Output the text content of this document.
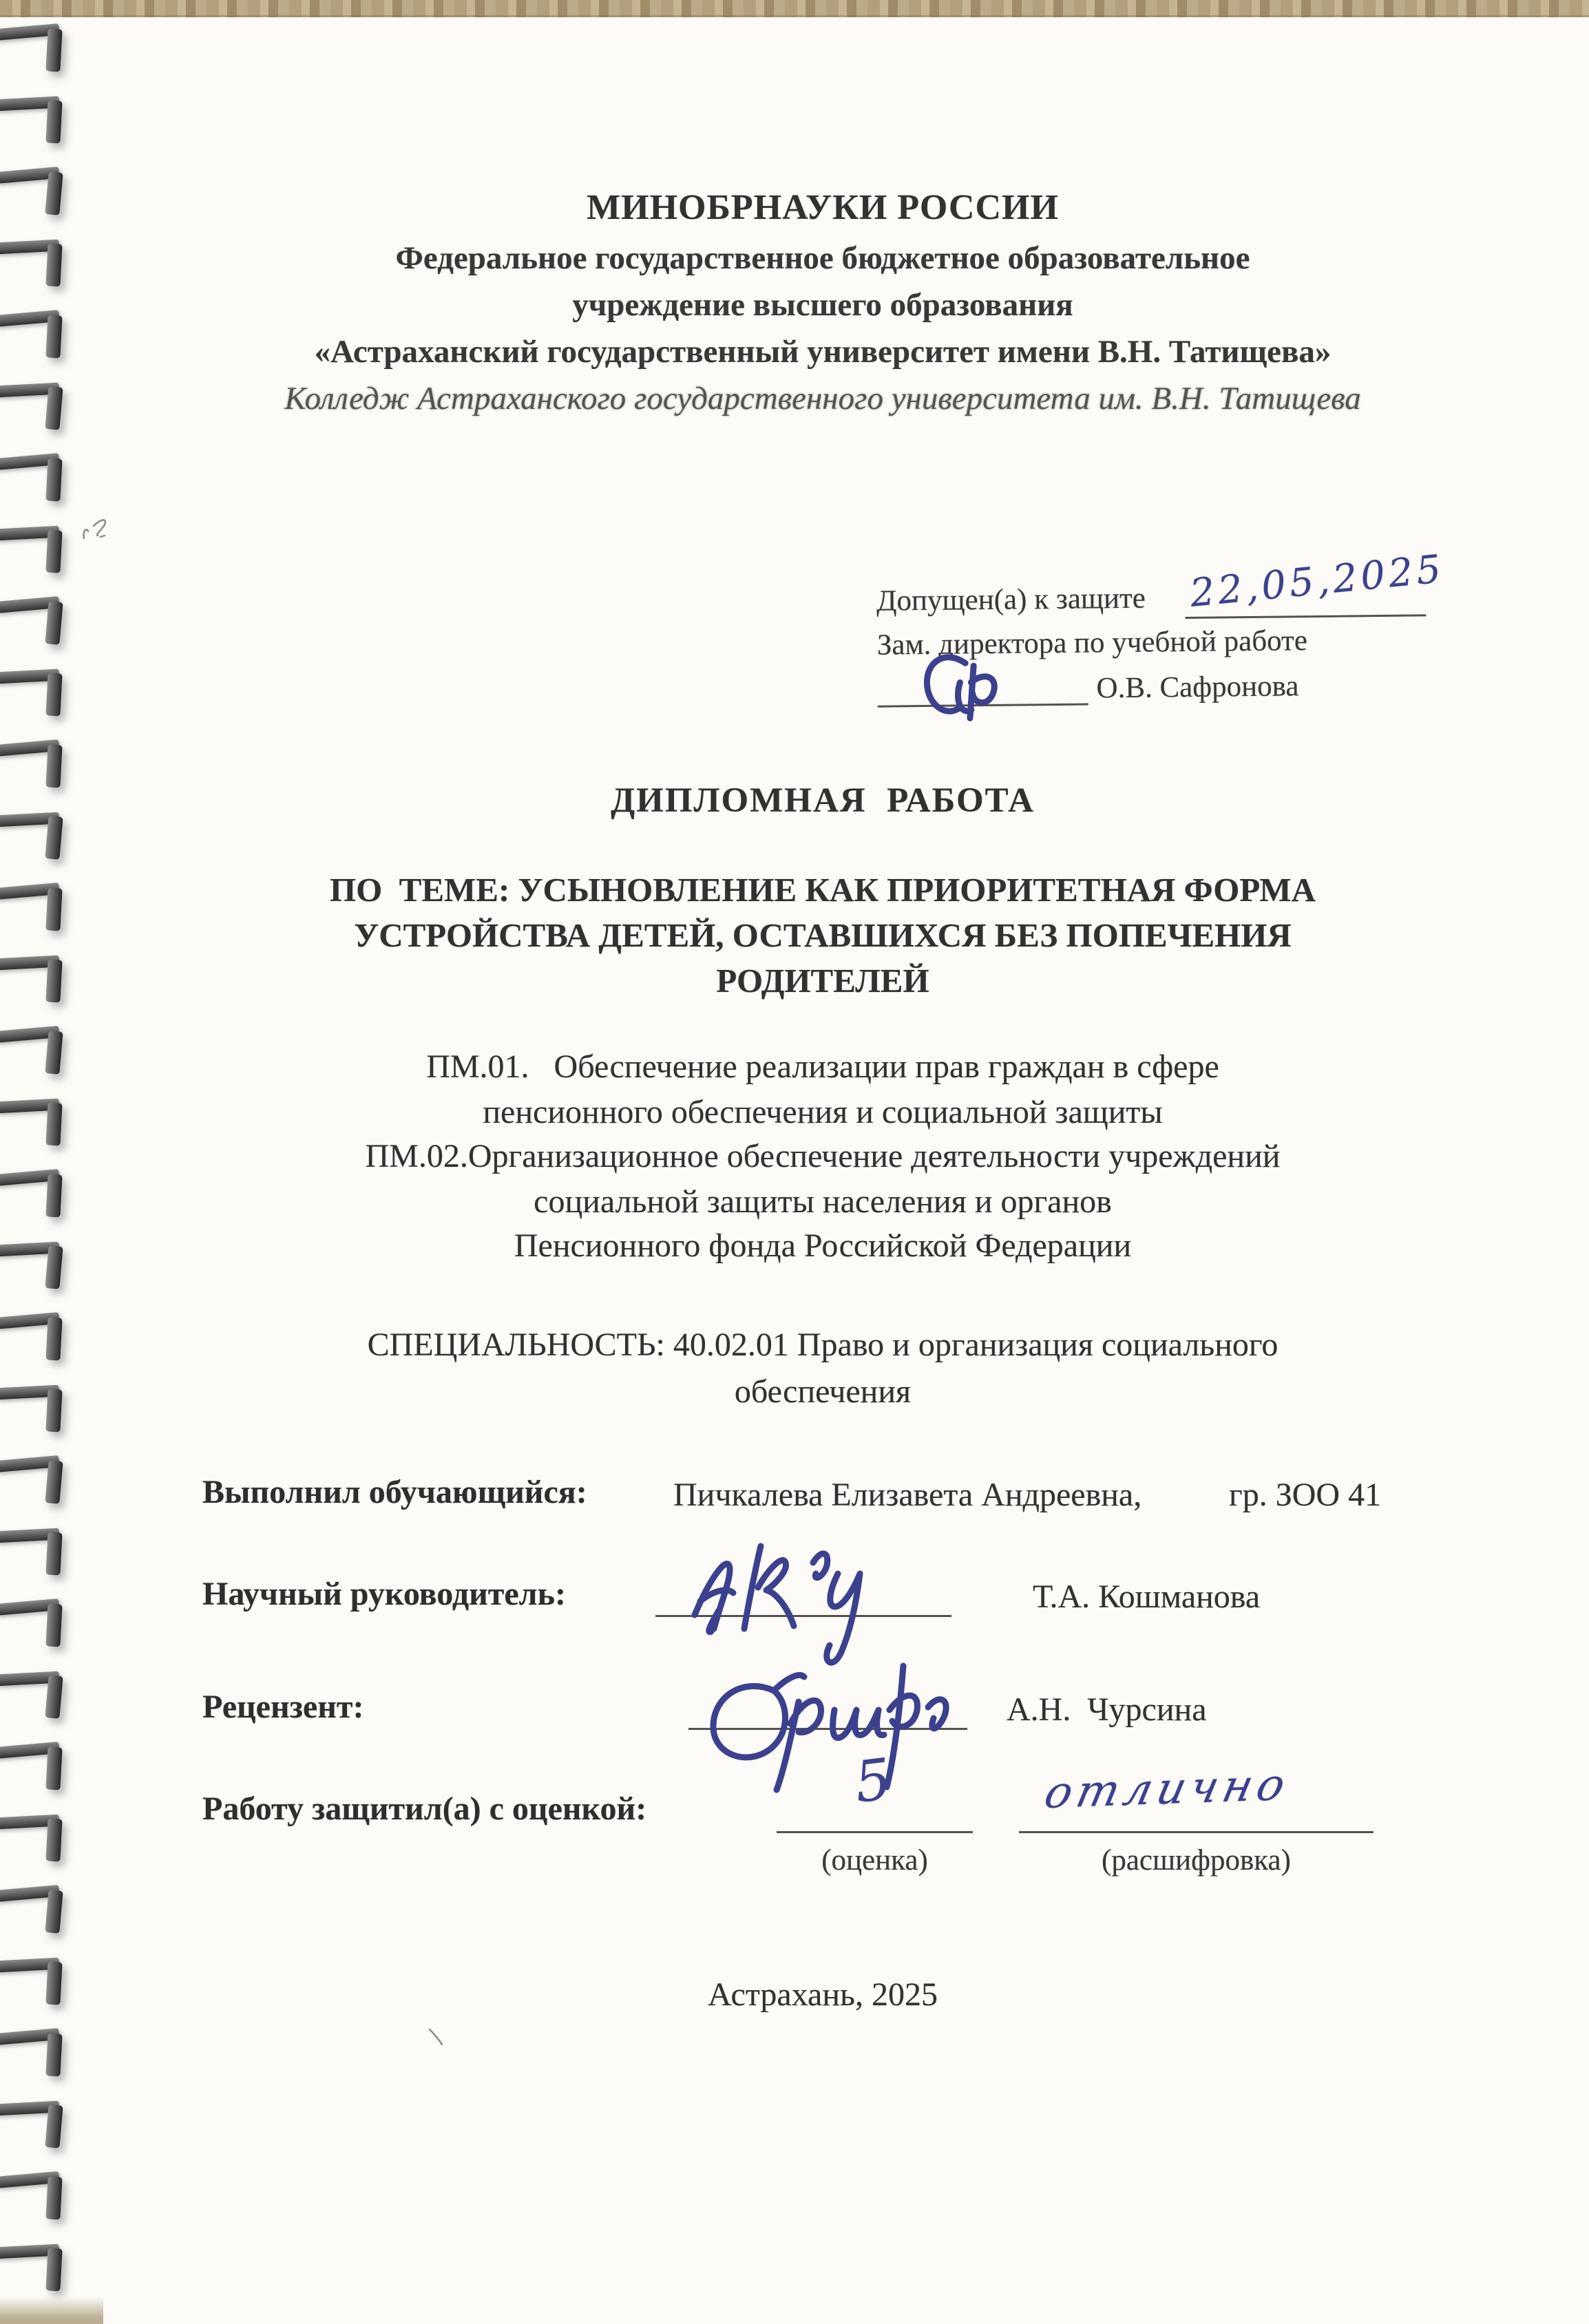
МИНОБРНАУКИ РОССИИ
Федеральное государственное бюджетное образовательное
учреждение высшего образования
«Астраханский государственный университет имени В.Н. Татищева»
Колледж Астраханского государственного университета им. В.Н. Татищева
Допущен(а) к защите 22,05,2025
Зам. директора по учебной работе
О.В. Сафронова
ДИПЛОМНАЯ  РАБОТА
ПО  ТЕМЕ: УСЫНОВЛЕНИЕ КАК ПРИОРИТЕТНАЯ ФОРМА
УСТРОЙСТВА ДЕТЕЙ, ОСТАВШИХСЯ БЕЗ ПОПЕЧЕНИЯ
РОДИТЕЛЕЙ
ПМ.01.   Обеспечение реализации прав граждан в сфере
пенсионного обеспечения и социальной защиты
ПМ.02.Организационное обеспечение деятельности учреждений
социальной защиты населения и органов
Пенсионного фонда Российской Федерации
СПЕЦИАЛЬНОСТЬ: 40.02.01 Право и организация социального
обеспечения
Выполнил обучающийся:	Пичкалева Елизавета Андреевна,	гр. ЗОО 41
Научный руководитель:	Т.А. Кошманова
Рецензент:	А.Н.  Чурсина
Работу защитил(а) с оценкой:	5	отлично
(оценка)	(расшифровка)
Астрахань, 2025
